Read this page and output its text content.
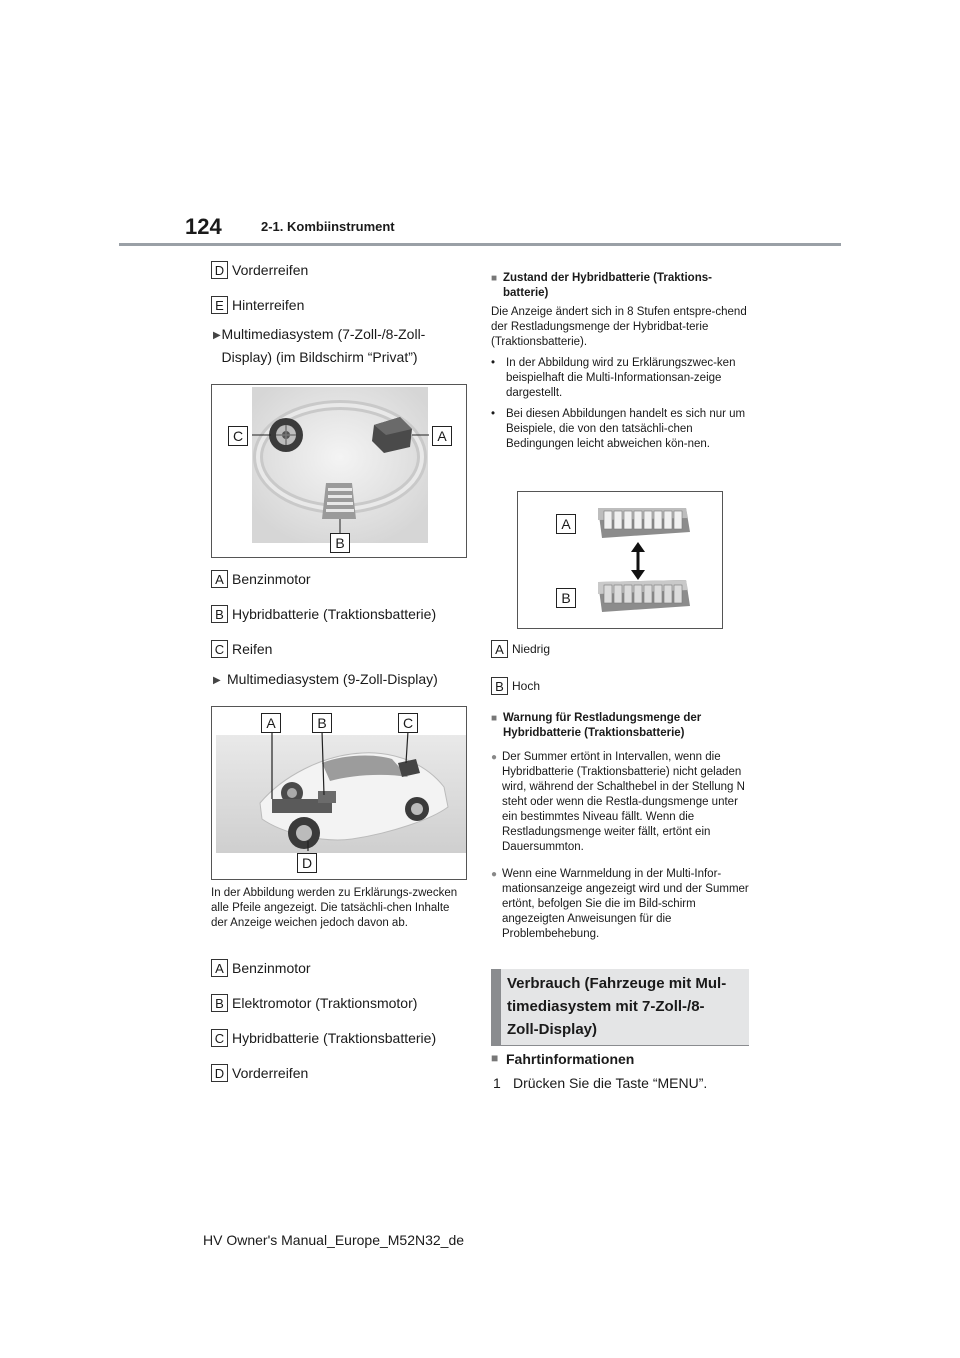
124	2-1. Kombiinstrument
D Vorderreifen
E Hinterreifen
▶ Multimediasystem (7-Zoll-/8-Zoll-Display) (im Bildschirm “Privat”)
C	A
B
A Benzinmotor
B Hybridbatterie (Traktionsbatterie)
C Reifen
▶ Multimediasystem (9-Zoll-Display)
A	B	C
D
In der Abbildung werden zu Erklärungs-zwecken alle Pfeile angezeigt. Die tatsächli-chen Inhalte der Anzeige weichen jedoch davon ab.
A Benzinmotor
B Elektromotor (Traktionsmotor)
C Hybridbatterie (Traktionsbatterie)
D Vorderreifen
■ Zustand der Hybridbatterie (Traktions-batterie)
Die Anzeige ändert sich in 8 Stufen entspre-chend der Restladungsmenge der Hybridbat-terie (Traktionsbatterie).
• In der Abbildung wird zu Erklärungszwec-ken beispielhaft die Multi-Informationsan-zeige dargestellt.
• Bei diesen Abbildungen handelt es sich nur um Beispiele, die von den tatsächli-chen Bedingungen leicht abweichen kön-nen.
A
B
A Niedrig
B Hoch
■ Warnung für Restladungsmenge der Hybridbatterie (Traktionsbatterie)
● Der Summer ertönt in Intervallen, wenn die Hybridbatterie (Traktionsbatterie) nicht geladen wird, während der Schalthebel in der Stellung N steht oder wenn die Restla-dungsmenge unter ein bestimmtes Niveau fällt. Wenn die Restladungsmenge weiter fällt, ertönt ein Dauersummton.
● Wenn eine Warnmeldung in der Multi-Infor-mationsanzeige angezeigt wird und der Summer ertönt, befolgen Sie die im Bild-schirm angezeigten Anweisungen für die Problembehebung.
Verbrauch (Fahrzeuge mit Mul-
timediasystem mit 7-Zoll-/8-
Zoll-Display)
■ Fahrtinformationen
1 Drücken Sie die Taste “MENU”.
HV Owner's Manual_Europe_M52N32_de
